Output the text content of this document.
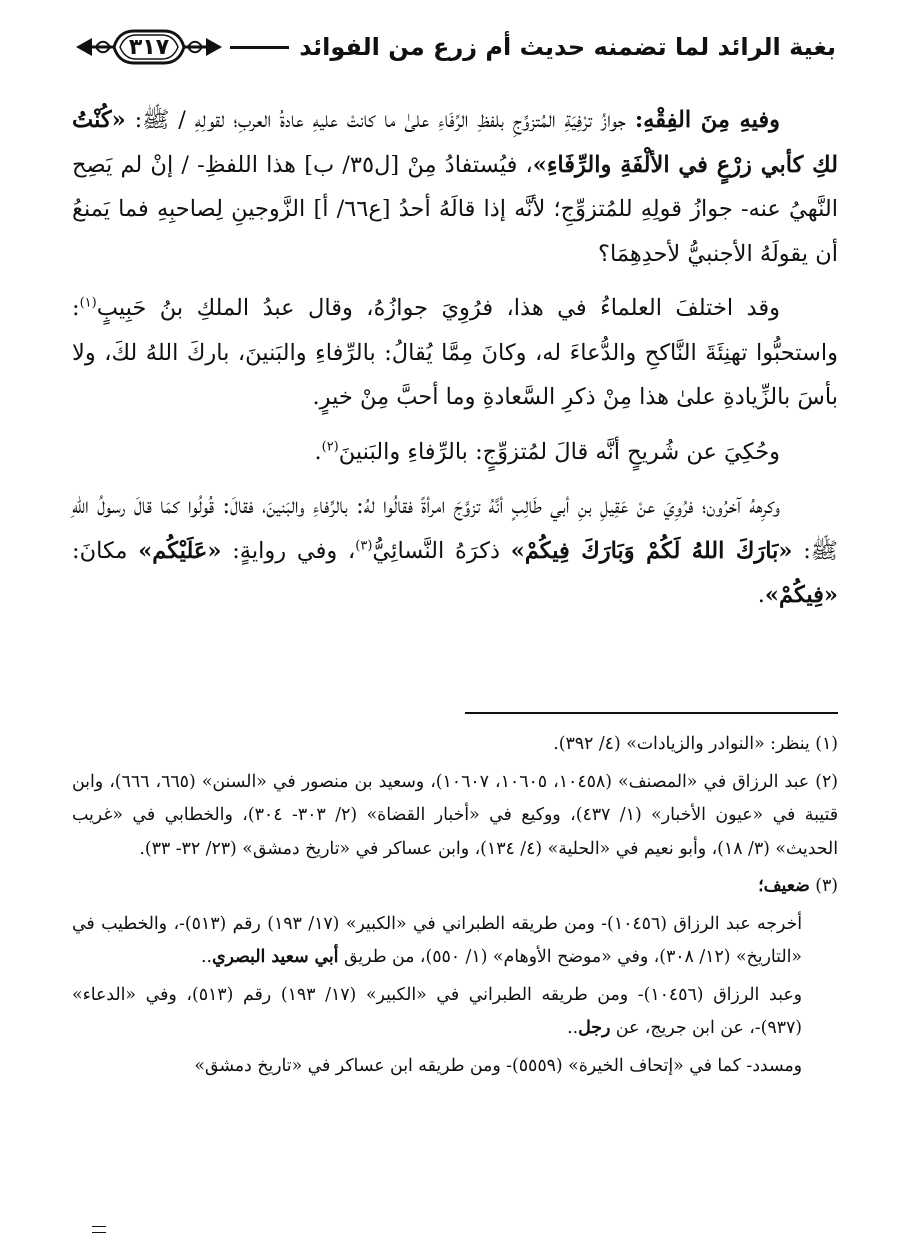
بغية الرائد لما تضمنه حديث أم زرع من الفوائد
٣١٧

وفيهِ مِنَ الفِقْهِ: جوازُ ترْفِيَةِ المُتزوِّجِ بلفظِ الرِّفَاءِ علىٰ ما كانتْ عليهِ عادةُ العربِ؛ لقولِهِ / ﷺ: «كُنْتُ لكِ كأبي زرْعٍ في الألْفَةِ والرِّفَاءِ»، فيُستفادُ مِنْ [ل٣٥/ ب] هذا اللفظِ- / إنْ لم يَصِح النَّهيُ عنه- جوازُ قولِهِ للمُتزوِّجِ؛ لأنَّه إذا قالَهُ أحدُ [ع٦٦/ أ] الزَّوجينِ لِصاحبِهِ فما يَمنعُ أن يقولَهُ الأجنبيُّ لأحدِهِمَا؟

وقد اختلفَ العلماءُ في هذا، فرُوِيَ جوازُهُ، وقال عبدُ الملكِ بنُ حَبِيبٍ$^{(١)}$: واستحبُّوا تهنِئَةَ النَّاكحِ والدُّعاءَ له، وكانَ مِمَّا يُقالُ: بالرِّفاءِ والبَنينَ، باركَ اللهُ لكَ، ولا بأسَ بالزِّيادةِ علىٰ هذا مِنْ ذكرِ السَّعادةِ وما أحبَّ مِنْ خيرٍ.

وحُكِيَ عن شُريحٍ أنَّه قالَ لمُتزوِّجٍ: بالرِّفاءِ والبَنينَ$^{(٢)}$.

وكرِههُ آخرُون؛ فرُوِيَ عنْ عَقِيلِ بنِ أبي طَالِبٍ أنَّهُ تزوَّجَ امرأةً فقالُوا لهُ: بالرِّفاءِ والبَنينَ، فقالَ: قُولُوا كمَا قالَ رسولُ اللهِ ﷺ: «بَارَكَ اللهُ لَكُمْ وَبَارَكَ فِيكُمْ» ذكرَهُ النَّسائِيُّ$^{(٣)}$، وفي روايةٍ: «عَلَيْكُم» مكانَ: «فِيكُمْ».

(١) ينظر: «النوادر والزيادات» (٤/ ٣٩٢).
(٢) عبد الرزاق في «المصنف» (١٠٤٥٨، ١٠٦٠٥، ١٠٦٠٧)، وسعيد بن منصور في «السنن» (٦٦٥، ٦٦٦)، وابن قتيبة في «عيون الأخبار» (١/ ٤٣٧)، ووكيع في «أخبار القضاة» (٢/ ٣٠٣- ٣٠٤)، والخطابي في «غريب الحديث» (٣/ ١٨)، وأبو نعيم في «الحلية» (٤/ ١٣٤)، وابن عساكر في «تاريخ دمشق» (٢٣/ ٣٢- ٣٣).
(٣) ضعيف؛
أخرجه عبد الرزاق (١٠٤٥٦)- ومن طريقه الطبراني في «الكبير» (١٧/ ١٩٣) رقم (٥١٣)-، والخطيب في «التاريخ» (١٢/ ٣٠٨)، وفي «موضح الأوهام» (١/ ٥٥٠)، من طريق أبي سعيد البصري..
وعبد الرزاق (١٠٤٥٦)- ومن طريقه الطبراني في «الكبير» (١٧/ ١٩٣) رقم (٥١٣)، وفي «الدعاء» (٩٣٧)-، عن ابن جريج، عن رجل..
ومسدد- كما في «إتحاف الخيرة» (٥٥٥٩)- ومن طريقه ابن عساكر في «تاريخ دمشق»
